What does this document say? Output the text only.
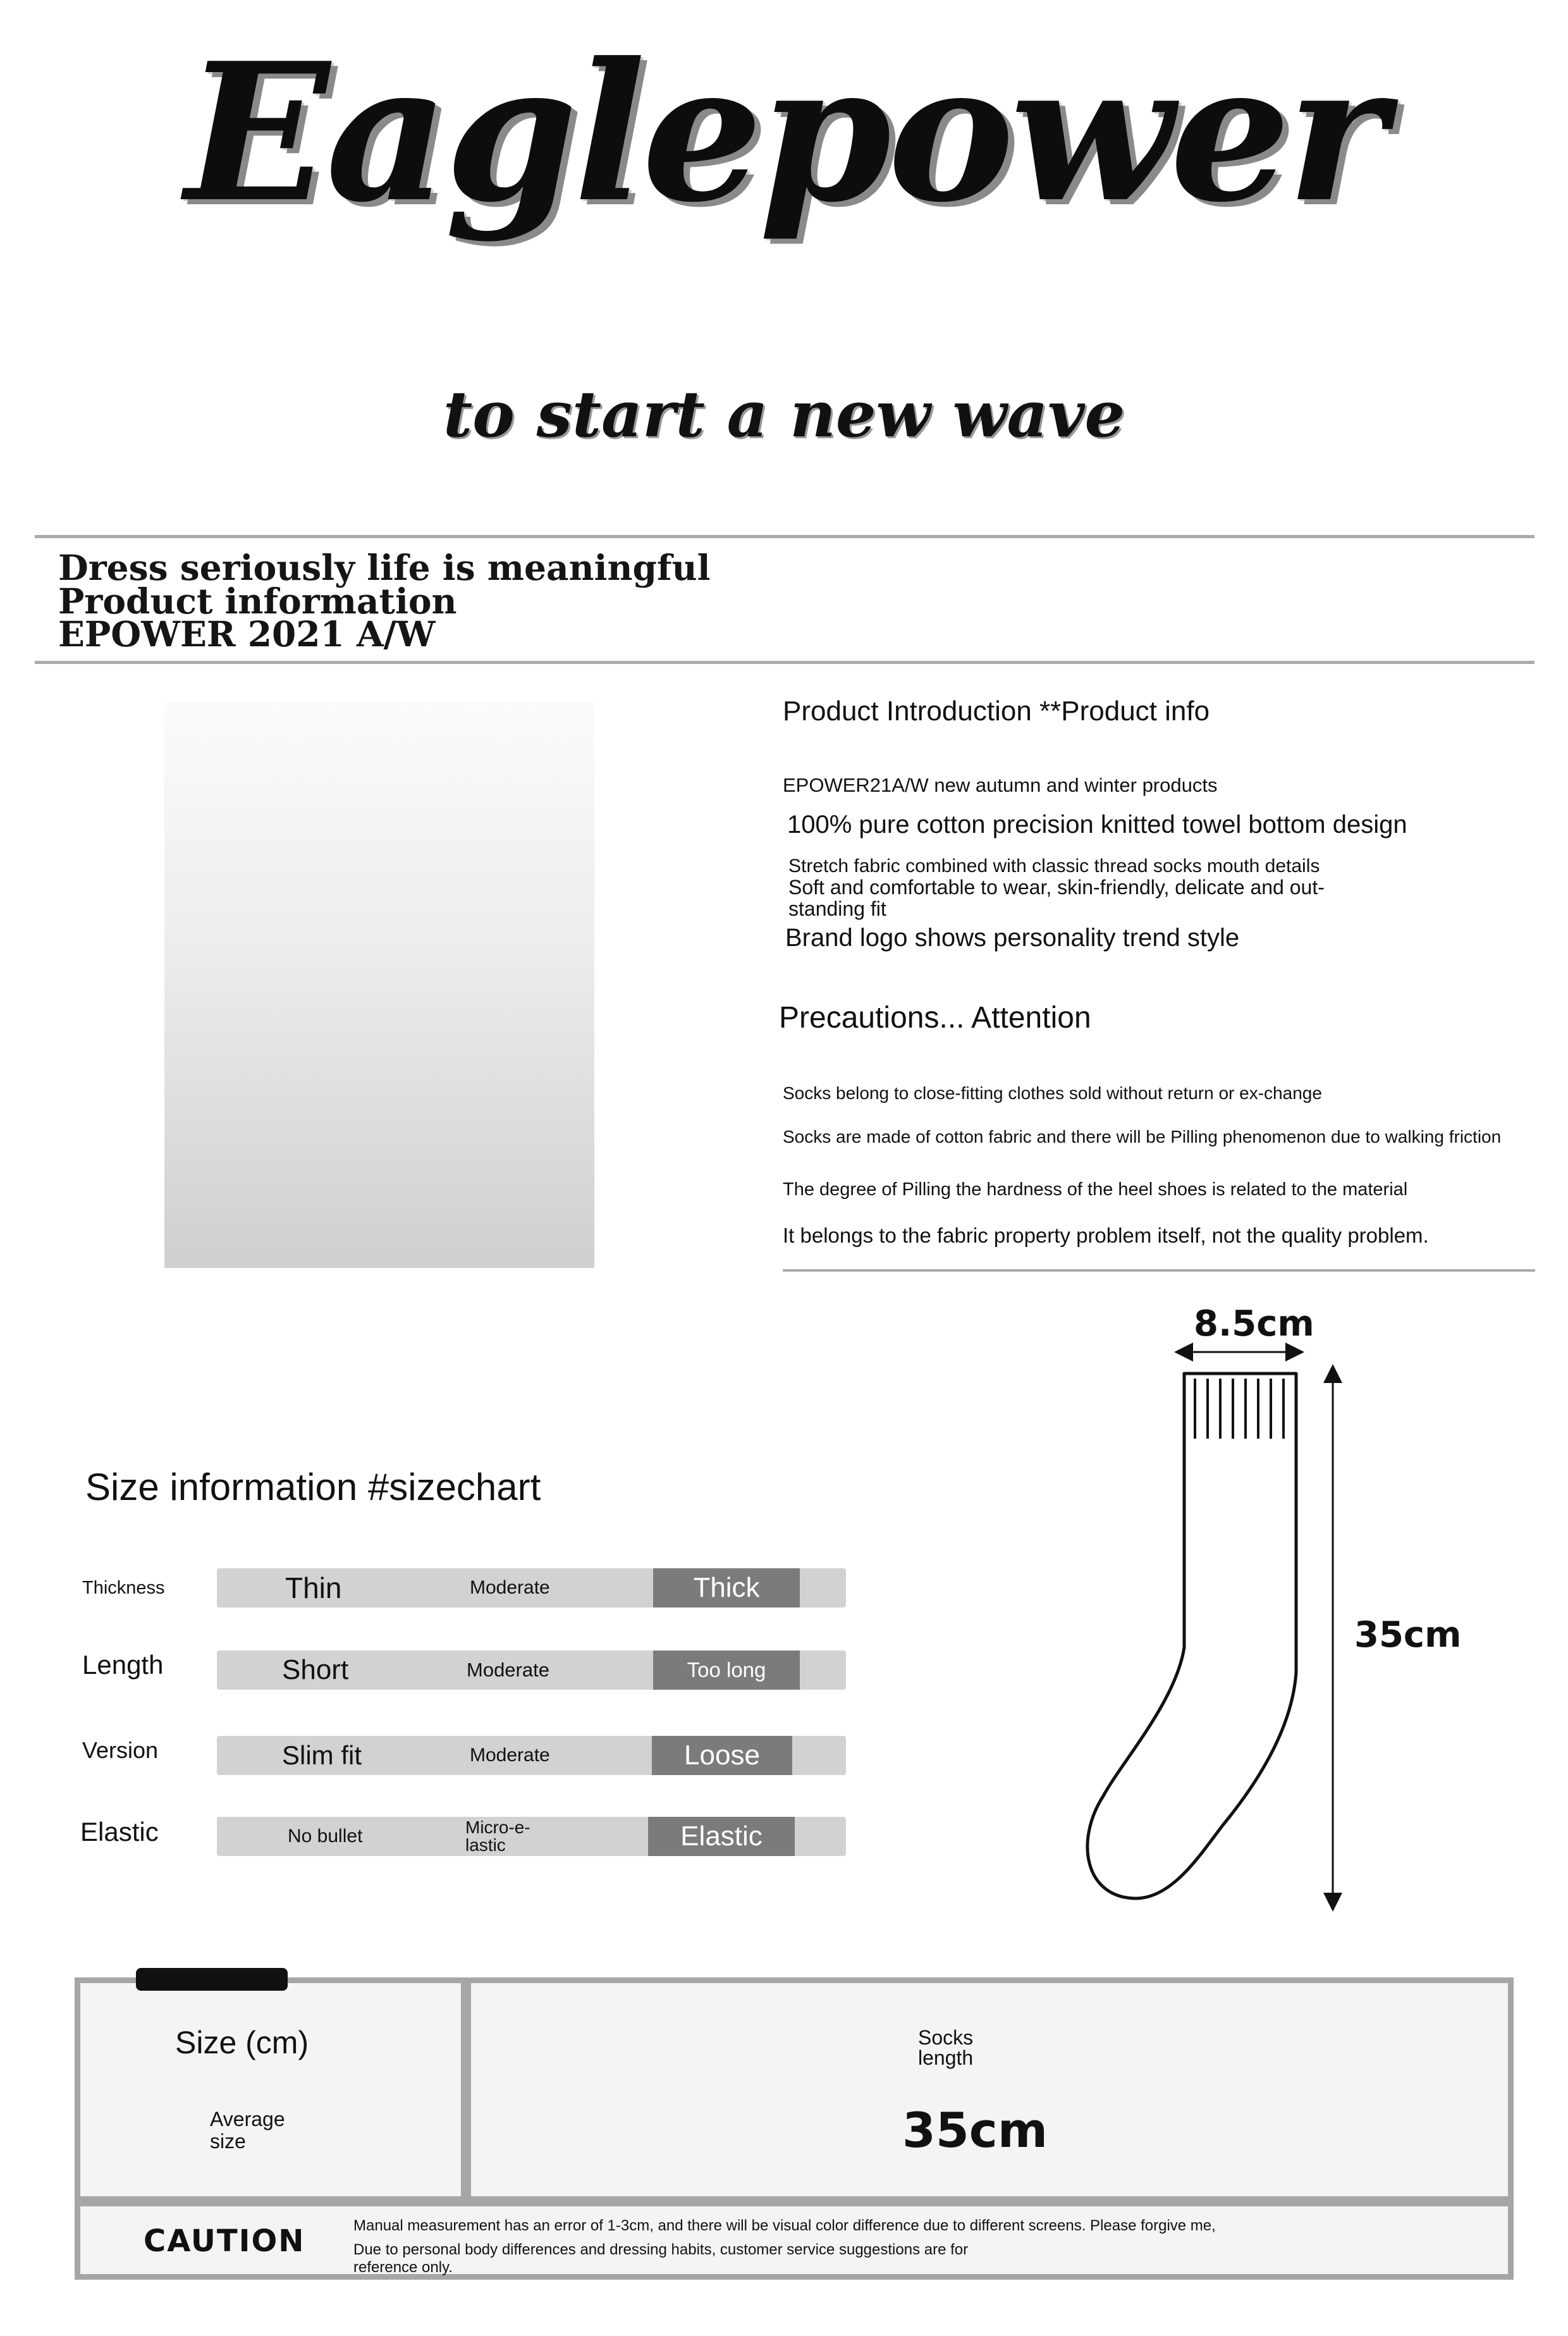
Eaglepower
to start a new wave
Dress seriously life is meaningful
Product information
EPOWER 2021 A/W
Product Introduction **Product info
EPOWER21A/W new autumn and winter products
100% pure cotton precision knitted towel bottom design
Stretch fabric combined with classic thread socks mouth details
Soft and comfortable to wear, skin-friendly, delicate and out-standing fit
Brand logo shows personality trend style
Precautions... Attention
Socks belong to close-fitting clothes sold without return or ex-change
Socks are made of cotton fabric and there will be Pilling phenomenon due to walking friction
The degree of Pilling the hardness of the heel shoes is related to the material
It belongs to the fabric property problem itself, not the quality problem.
8.5cm
35cm
Size information #sizechart
Thickness	Thin	Moderate	Thick
Length	Short	Moderate	Too long
Version	Slim fit	Moderate	Loose
Elastic	No bullet	Micro-e-lastic	Elastic
Size (cm)	Socks length
Average size	35cm
CAUTION	Manual measurement has an error of 1-3cm, and there will be visual color difference due to different screens. Please forgive me,
Due to personal body differences and dressing habits, customer service suggestions are for reference only.
